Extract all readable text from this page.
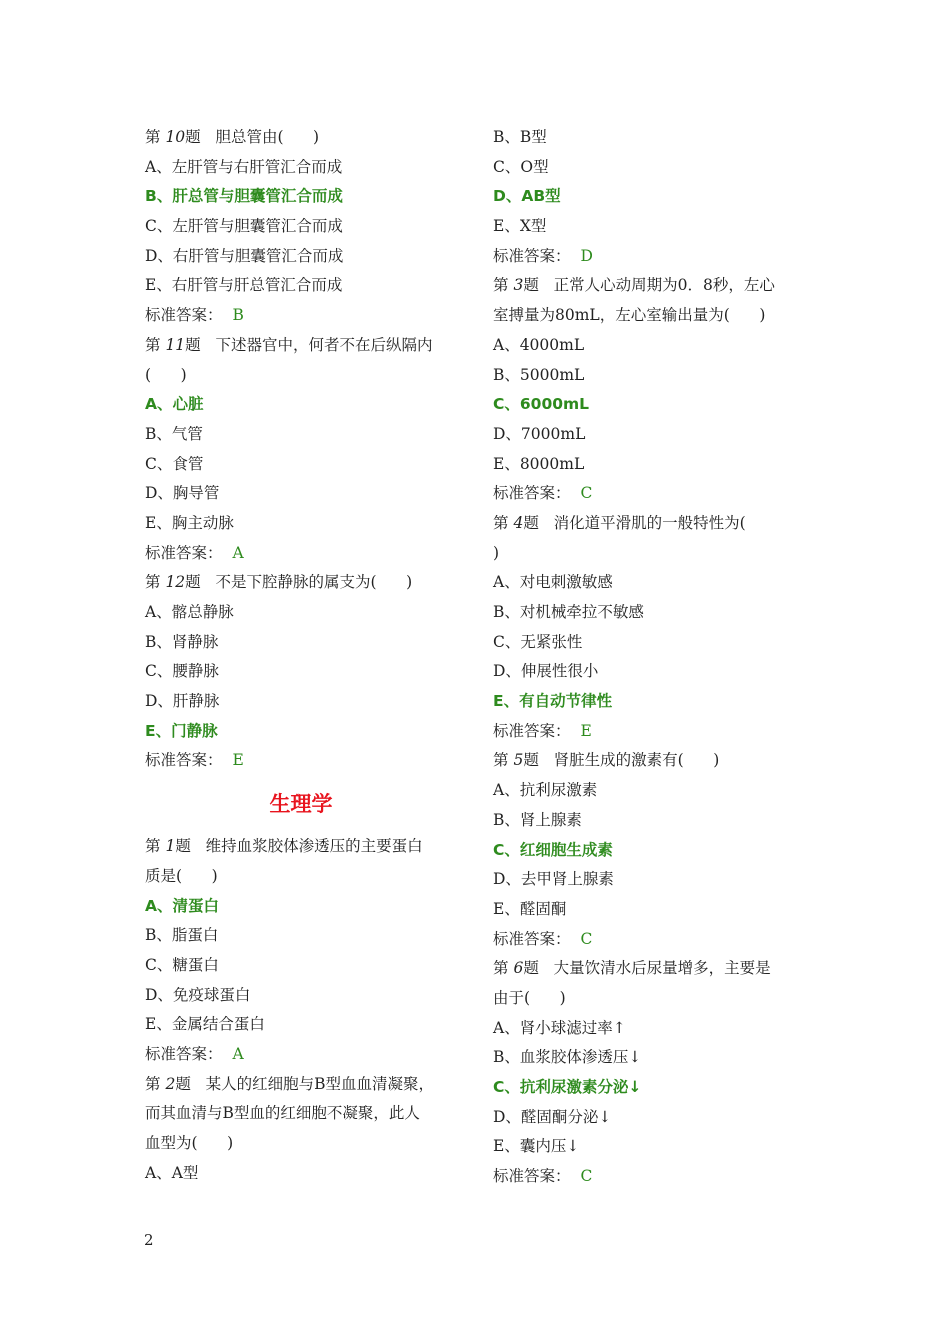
第 10题   胆总管由(      )
A、左肝管与右肝管汇合而成
B、肝总管与胆囊管汇合而成
C、左肝管与胆囊管汇合而成
D、右肝管与胆囊管汇合而成
E、右肝管与肝总管汇合而成
标准答案： B
第 11题   下述器官中，何者不在后纵隔内
(      )
A、心脏
B、气管
C、食管
D、胸导管
E、胸主动脉
标准答案： A
第 12题   不是下腔静脉的属支为(      )
A、髂总静脉
B、肾静脉
C、腰静脉
D、肝静脉
E、门静脉
标准答案： E
生理学
第 1题   维持血浆胶体渗透压的主要蛋白
质是(      )
A、清蛋白
B、脂蛋白
C、糖蛋白
D、免疫球蛋白
E、金属结合蛋白
标准答案： A
第 2题   某人的红细胞与B型血血清凝聚，
而其血清与B型血的红细胞不凝聚，此人
血型为(      )
A、A型
B、B型
C、O型
D、AB型
E、X型
标准答案： D
第 3题   正常人心动周期为0．8秒，左心
室搏量为80mL，左心室输出量为(      )
A、4000mL
B、5000mL
C、6000mL
D、7000mL
E、8000mL
标准答案： C
第 4题   消化道平滑肌的一般特性为(
)
A、对电刺激敏感
B、对机械牵拉不敏感
C、无紧张性
D、伸展性很小
E、有自动节律性
标准答案： E
第 5题   肾脏生成的激素有(      )
A、抗利尿激素
B、肾上腺素
C、红细胞生成素
D、去甲肾上腺素
E、醛固酮
标准答案： C
第 6题   大量饮清水后尿量增多，主要是
由于(      )
A、肾小球滤过率↑
B、血浆胶体渗透压↓
C、抗利尿激素分泌↓
D、醛固酮分泌↓
E、囊内压↓
标准答案： C
2
